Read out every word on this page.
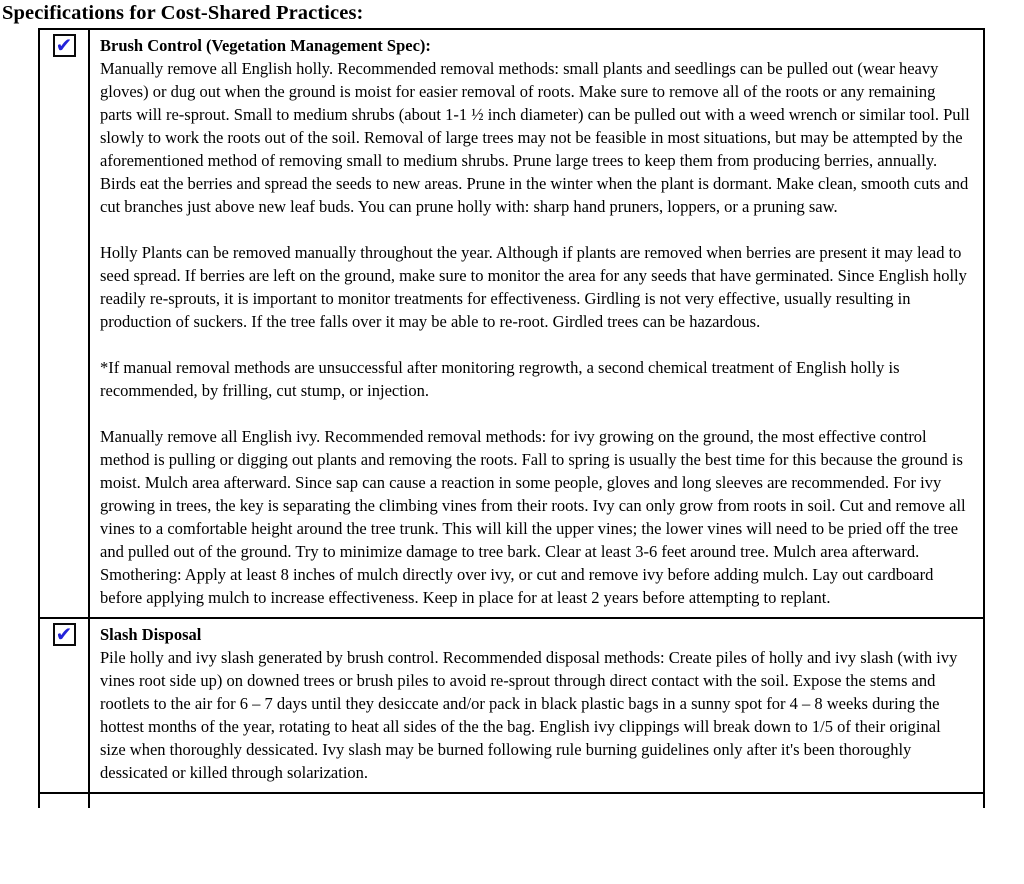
Specifications for Cost-Shared Practices:
✔ Brush Control (Vegetation Management Spec):

Manually remove all English holly. Recommended removal methods: small plants and seedlings can be pulled out (wear heavy gloves) or dug out when the ground is moist for easier removal of roots. Make sure to remove all of the roots or any remaining parts will re-sprout. Small to medium shrubs (about 1-1 ½ inch diameter) can be pulled out with a weed wrench or similar tool. Pull slowly to work the roots out of the soil. Removal of large trees may not be feasible in most situations, but may be attempted by the aforementioned method of removing small to medium shrubs. Prune large trees to keep them from producing berries, annually. Birds eat the berries and spread the seeds to new areas. Prune in the winter when the plant is dormant. Make clean, smooth cuts and cut branches just above new leaf buds. You can prune holly with: sharp hand pruners, loppers, or a pruning saw.

Holly Plants can be removed manually throughout the year. Although if plants are removed when berries are present it may lead to seed spread. If berries are left on the ground, make sure to monitor the area for any seeds that have germinated. Since English holly readily re-sprouts, it is important to monitor treatments for effectiveness. Girdling is not very effective, usually resulting in production of suckers. If the tree falls over it may be able to re-root. Girdled trees can be hazardous.

*If manual removal methods are unsuccessful after monitoring regrowth, a second chemical treatment of English holly is recommended, by frilling, cut stump, or injection.

Manually remove all English ivy. Recommended removal methods: for ivy growing on the ground, the most effective control method is pulling or digging out plants and removing the roots. Fall to spring is usually the best time for this because the ground is moist. Mulch area afterward. Since sap can cause a reaction in some people, gloves and long sleeves are recommended. For ivy growing in trees, the key is separating the climbing vines from their roots. Ivy can only grow from roots in soil. Cut and remove all vines to a comfortable height around the tree trunk. This will kill the upper vines; the lower vines will need to be pried off the tree and pulled out of the ground. Try to minimize damage to tree bark. Clear at least 3-6 feet around tree. Mulch area afterward. Smothering: Apply at least 8 inches of mulch directly over ivy, or cut and remove ivy before adding mulch. Lay out cardboard before applying mulch to increase effectiveness. Keep in place for at least 2 years before attempting to replant.

✔ Slash Disposal

Pile holly and ivy slash generated by brush control. Recommended disposal methods: Create piles of holly and ivy slash (with ivy vines root side up) on downed trees or brush piles to avoid re-sprout through direct contact with the soil. Expose the stems and rootlets to the air for 6 – 7 days until they desiccate and/or pack in black plastic bags in a sunny spot for 4 – 8 weeks during the hottest months of the year, rotating to heat all sides of the the bag. English ivy clippings will break down to 1/5 of their original size when thoroughly dessicated. Ivy slash may be burned following rule burning guidelines only after it's been thoroughly dessicated or killed through solarization.
